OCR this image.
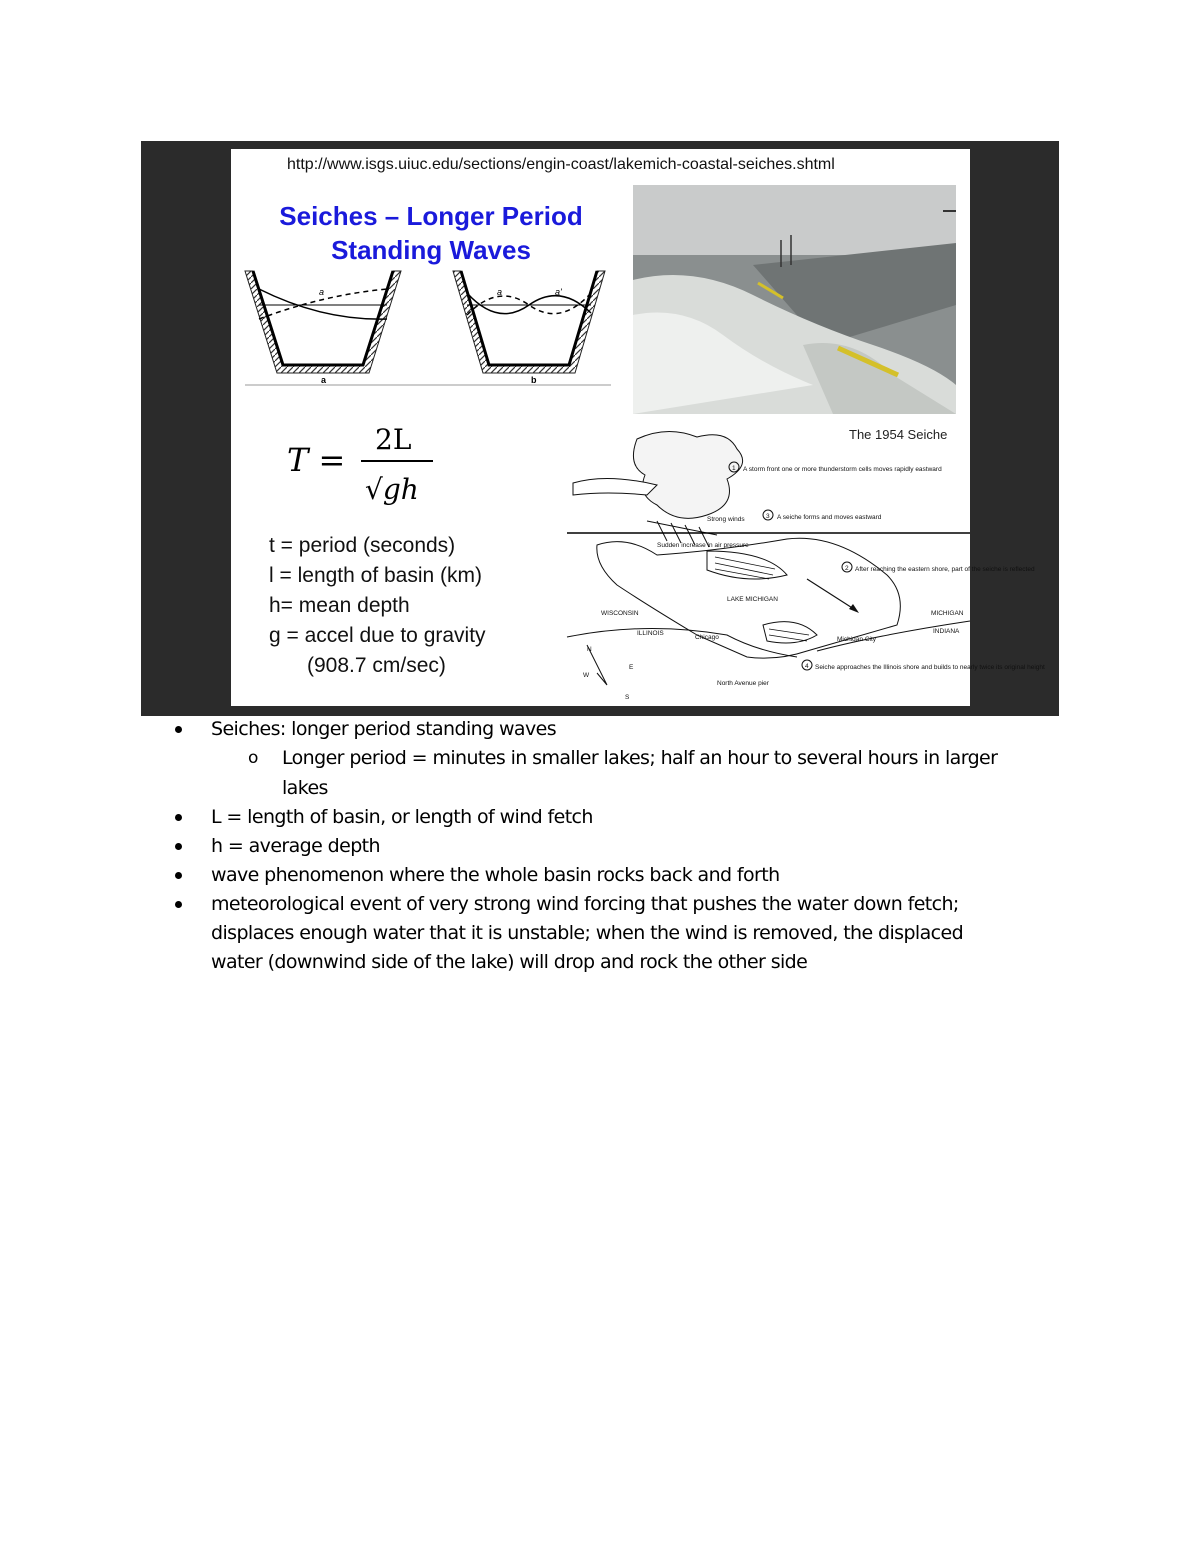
http://www.isgs.uiuc.edu/sections/engin-coast/lakemich-coastal-seiches.shtml
Seiches – Longer Period
Standing Waves
a
a
a	a'
b
T =
2L
√gh
t = period (seconds)
l = length of basin (km)
h= mean depth
g = accel due to gravity
(908.7 cm/sec)
1 A storm front one or more thunderstorm cells moves rapidly eastward
3 A seiche forms and moves eastward
2 After reaching the eastern shore, part of the seiche is reflected
4 Seiche approaches the Illinois shore and builds to nearly twice its original height
Strong winds
Sudden increase in air pressure
LAKE MICHIGAN
WISCONSIN
ILLINOIS
MICHIGAN
INDIANA
Chicago	Michigan City
North Avenue pier
N
E
S
W
The 1954 Seiche
Seiches: longer period standing waves
o Longer period = minutes in smaller lakes; half an hour to several hours in larger
lakes
L = length of basin, or length of wind fetch
h = average depth
wave phenomenon where the whole basin rocks back and forth
meteorological event of very strong wind forcing that pushes the water down fetch;
displaces enough water that it is unstable; when the wind is removed, the displaced
water (downwind side of the lake) will drop and rock the other side
